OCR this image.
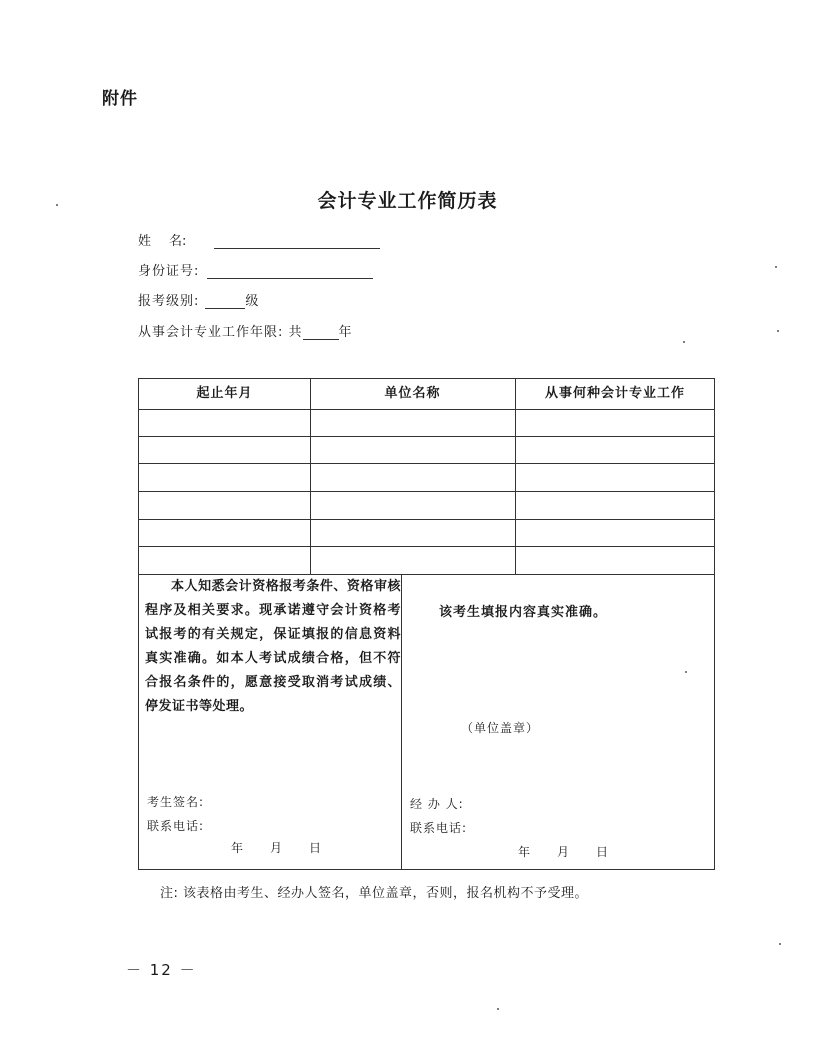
附件
会计专业工作简历表
姓 名:
身份证号:
报考级别:	级
从事会计专业工作年限: 共	年
起止年月	单位名称	从事何种会计专业工作
本人知悉会计资格报考条件、资格审核程序及相关要求。现承诺遵守会计资格考试报考的有关规定，保证填报的信息资料真实准确。如本人考试成绩合格，但不符合报名条件的，愿意接受取消考试成绩、停发证书等处理。
考生签名:
联系电话:
年　　月　　日
该考生填报内容真实准确。
（单位盖章）
经 办 人:
联系电话:
年　　月　　日
注: 该表格由考生、经办人签名，单位盖章，否则，报名机构不予受理。
－ 12 －
